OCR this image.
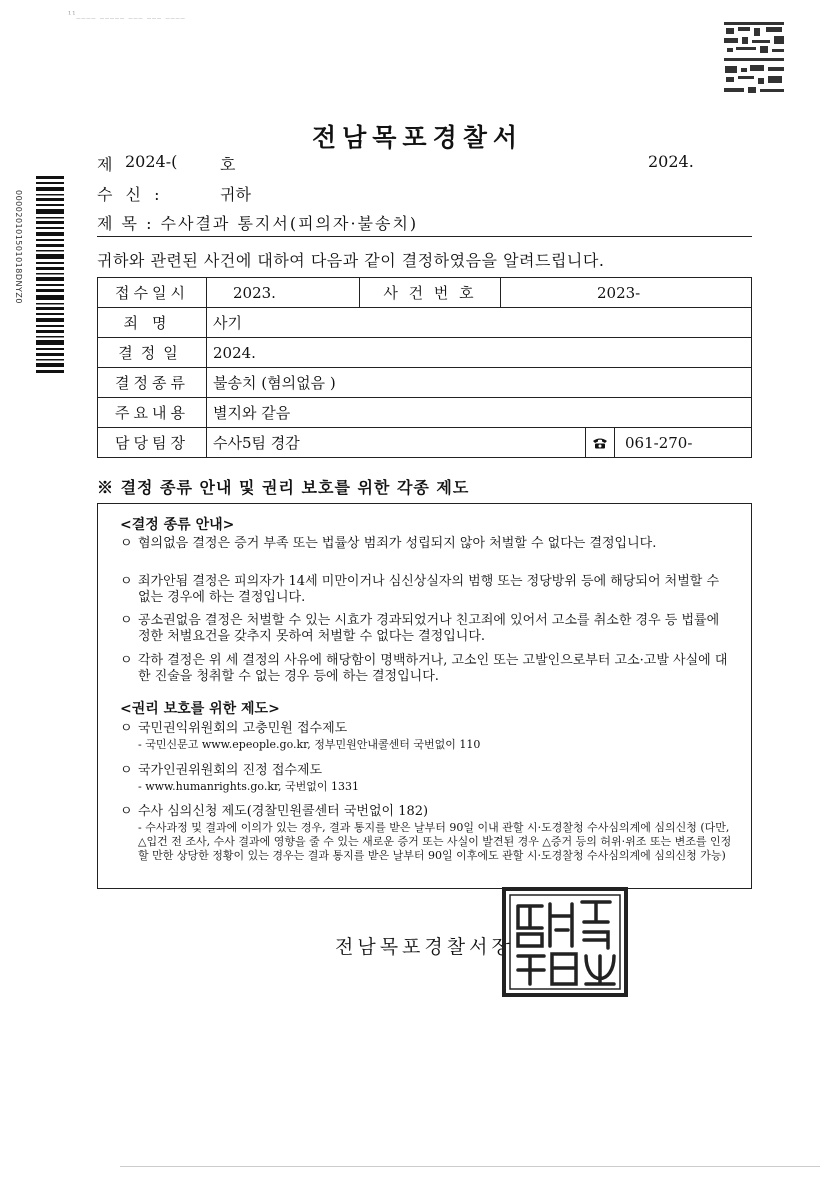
¹¹____ _____ ___ ___ ____
000020101501018DNYZ0
전남목포경찰서
제 2024-(	호	2024.
수 신 :	귀하
제 목 : 수사결과 통지서(피의자·불송치)
귀하와 관련된 사건에 대하여 다음과 같이 결정하였음을 알려드립니다.
접수일시	2023.	사 건 번 호	2023-
죄명	사기		
결정일	2024.		
결정종류	불송치 (혐의없음 )		
주요내용	별지와 같음		
담당팀장	수사5팀 경감 061-270-		
※ 결정 종류 안내 및 권리 보호를 위한 각종 제도
<결정 종류 안내>
ㅇ 혐의없음 결정은 증거 부족 또는 법률상 범죄가 성립되지 않아 처벌할 수 없다는 결정입니다.
ㅇ 죄가안됨 결정은 피의자가 14세 미만이거나 심신상실자의 범행 또는 정당방위 등에 해당되어 처벌할 수 없는 경우에 하는 결정입니다.
ㅇ 공소권없음 결정은 처벌할 수 있는 시효가 경과되었거나 친고죄에 있어서 고소를 취소한 경우 등 법률에 정한 처벌요건을 갖추지 못하여 처벌할 수 없다는 결정입니다.
ㅇ 각하 결정은 위 세 결정의 사유에 해당함이 명백하거나, 고소인 또는 고발인으로부터 고소·고발 사실에 대한 진술을 청취할 수 없는 경우 등에 하는 결정입니다.
<권리 보호를 위한 제도>
ㅇ 국민권익위원회의 고충민원 접수제도
- 국민신문고 www.epeople.go.kr, 정부민원안내콜센터 국번없이 110
ㅇ 국가인권위원회의 진정 접수제도
- www.humanrights.go.kr, 국번없이 1331
ㅇ 수사 심의신청 제도(경찰민원콜센터 국번없이 182)
- 수사과정 및 결과에 이의가 있는 경우, 결과 통지를 받은 날부터 90일 이내 관할 시·도경찰청 수사심의계에 심의신청 (다만, △입건 전 조사, 수사 결과에 영향을 줄 수 있는 새로운 증거 또는 사실이 발견된 경우 △증거 등의 허위·위조 또는 변조를 인정할 만한 상당한 정황이 있는 경우는 결과 통지를 받은 날부터 90일 이후에도 관할 시·도경찰청 수사심의계에 심의신청 가능)
전남목포경찰서장
